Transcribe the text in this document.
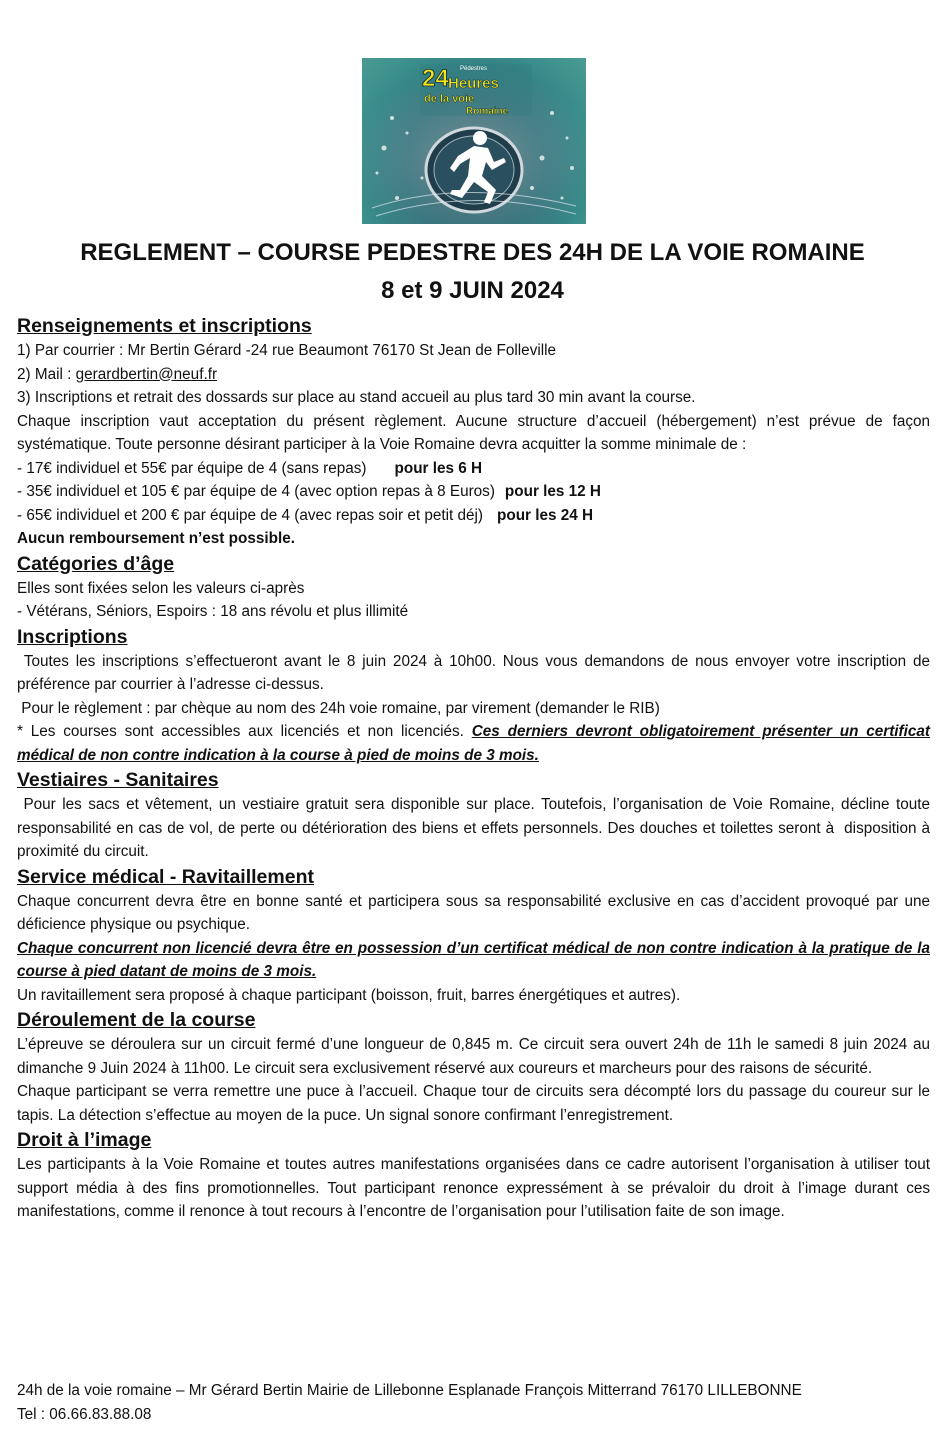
24 Pédestres
Heures
de la voie
Romaine
REGLEMENT – COURSE PEDESTRE DES 24H DE LA VOIE ROMAINE
8 et 9 JUIN 2024
Renseignements et inscriptions

1) Par courrier : Mr Bertin Gérard -24 rue Beaumont 76170 St Jean de Folleville

2) Mail : gerardbertin@neuf.fr

3) Inscriptions et retrait des dossards sur place au stand accueil au plus tard 30 min avant la course.

Chaque inscription vaut acceptation du présent règlement. Aucune structure d’accueil (hébergement) n’est prévue de façon systématique. Toute personne désirant participer à la Voie Romaine devra acquitter la somme minimale de :

- 17€ individuel et 55€ par équipe de 4 (sans repas) pour les 6 H

- 35€ individuel et 105 € par équipe de 4 (avec option repas à 8 Euros) pour les 12 H

- 65€ individuel et 200 € par équipe de 4 (avec repas soir et petit déj) pour les 24 H

Aucun remboursement n’est possible.

Catégories d’âge

Elles sont fixées selon les valeurs ci-après

- Vétérans, Séniors, Espoirs : 18 ans révolu et plus illimité

Inscriptions

Toutes les inscriptions s’effectueront avant le 8 juin 2024 à 10h00. Nous vous demandons de nous envoyer votre inscription de préférence par courrier à l’adresse ci-dessus.

Pour le règlement : par chèque au nom des 24h voie romaine, par virement (demander le RIB)

* Les courses sont accessibles aux licenciés et non licenciés. Ces derniers devront obligatoirement présenter un certificat médical de non contre indication à la course à pied de moins de 3 mois.

Vestiaires - Sanitaires

Pour les sacs et vêtement, un vestiaire gratuit sera disponible sur place. Toutefois, l’organisation de Voie Romaine, décline toute responsabilité en cas de vol, de perte ou détérioration des biens et effets personnels. Des douches et toilettes seront à  disposition à proximité du circuit.

Service médical - Ravitaillement

Chaque concurrent devra être en bonne santé et participera sous sa responsabilité exclusive en cas d’accident provoqué par une déficience physique ou psychique.

Chaque concurrent non licencié devra être en possession d’un certificat médical de non contre indication à la pratique de la course à pied datant de moins de 3 mois.

Un ravitaillement sera proposé à chaque participant (boisson, fruit, barres énergétiques et autres).

Déroulement de la course

L’épreuve se déroulera sur un circuit fermé d’une longueur de 0,845 m. Ce circuit sera ouvert 24h de 11h le samedi 8 juin 2024 au dimanche 9 Juin 2024 à 11h00. Le circuit sera exclusivement réservé aux coureurs et marcheurs pour des raisons de sécurité.

Chaque participant se verra remettre une puce à l’accueil. Chaque tour de circuits sera décompté lors du passage du coureur sur le tapis. La détection s’effectue au moyen de la puce. Un signal sonore confirmant l’enregistrement.

Droit à l’image

Les participants à la Voie Romaine et toutes autres manifestations organisées dans ce cadre autorisent l’organisation à utiliser tout support média à des fins promotionnelles. Tout participant renonce expressément à se prévaloir du droit à l’image durant ces manifestations, comme il renonce à tout recours à l’encontre de l’organisation pour l’utilisation faite de son image.

24h de la voie romaine – Mr Gérard Bertin Mairie de Lillebonne Esplanade François Mitterrand 76170 LILLEBONNE

Tel : 06.66.83.88.08
